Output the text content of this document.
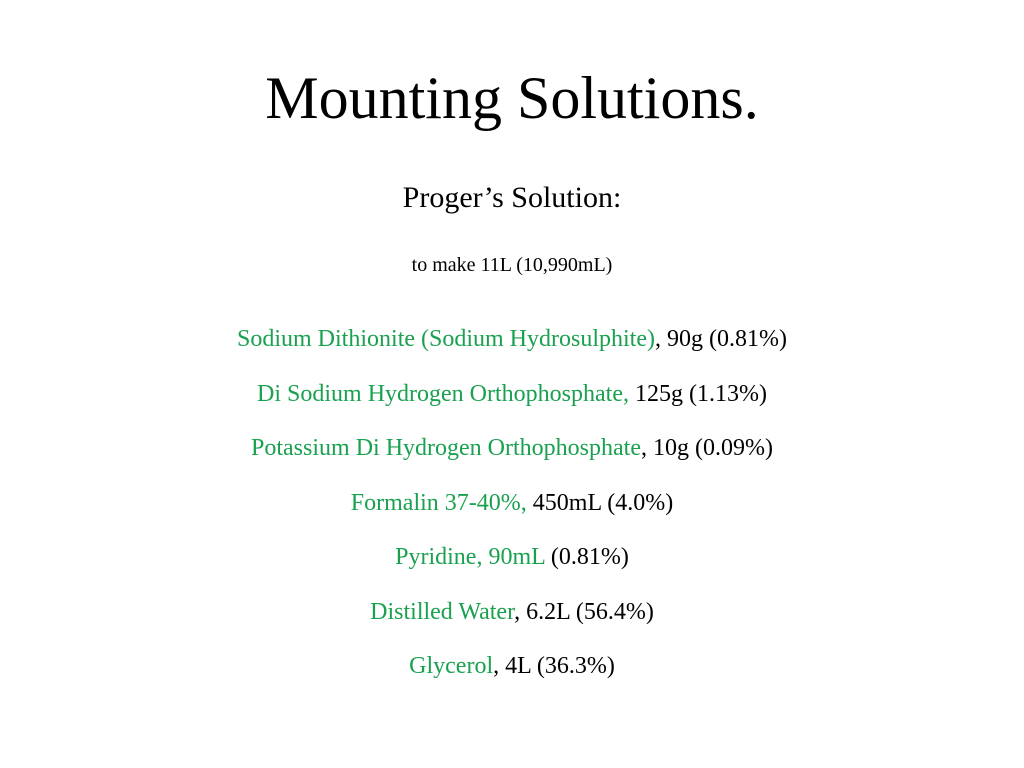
Mounting Solutions.

Proger’s Solution:

to make 11L (10,990mL)

Sodium Dithionite (Sodium Hydrosulphite), 90g (0.81%)
Di Sodium Hydrogen Orthophosphate, 125g (1.13%)
Potassium Di Hydrogen Orthophosphate, 10g (0.09%)
Formalin 37-40%, 450mL (4.0%)
Pyridine, 90mL (0.81%)
Distilled Water, 6.2L (56.4%)
Glycerol, 4L (36.3%)
